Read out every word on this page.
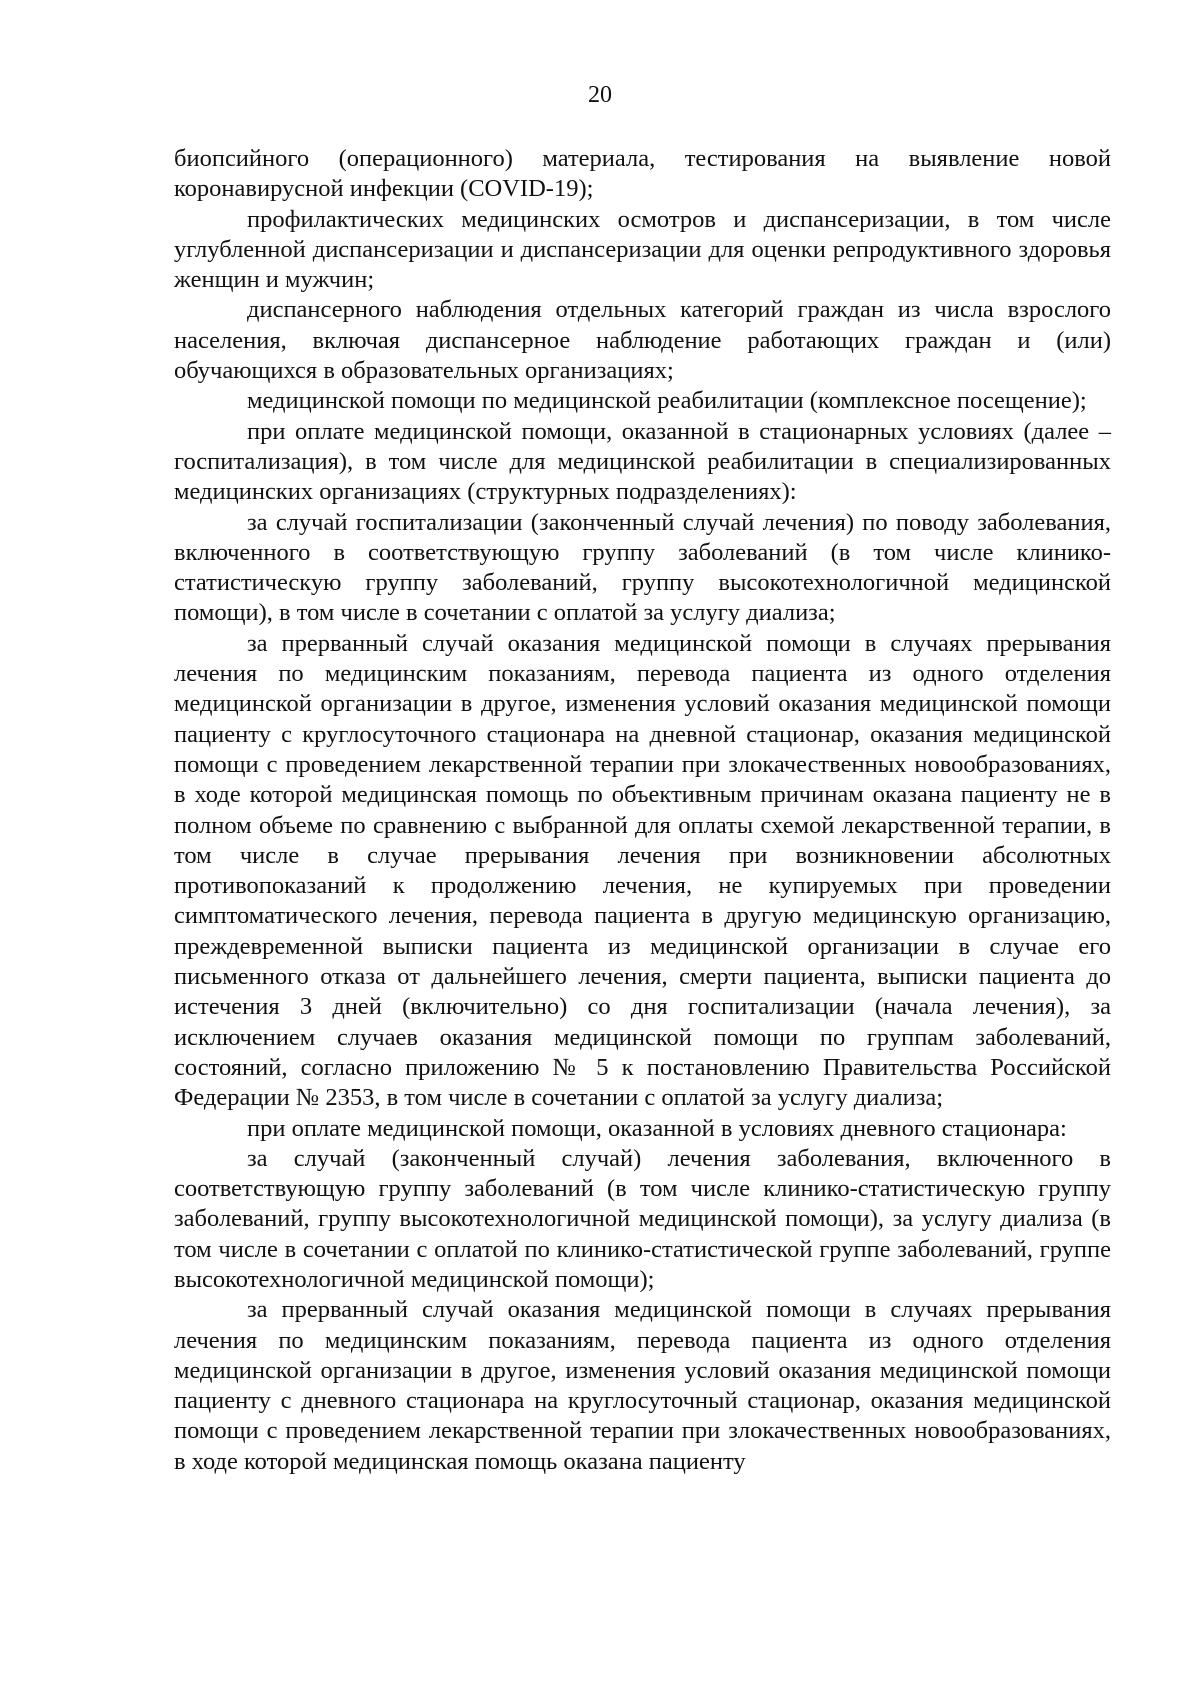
20

биопсийного (операционного) материала, тестирования на выявление новой коронавирусной инфекции (COVID-19);

профилактических медицинских осмотров и диспансеризации, в том числе углубленной диспансеризации и диспансеризации для оценки репродуктивного здоровья женщин и мужчин;

диспансерного наблюдения отдельных категорий граждан из числа взрослого населения, включая диспансерное наблюдение работающих граждан и (или) обучающихся в образовательных организациях;

медицинской помощи по медицинской реабилитации (комплексное посещение);

при оплате медицинской помощи, оказанной в стационарных условиях (далее – госпитализация), в том числе для медицинской реабилитации в специализированных медицинских организациях (структурных подразделениях):

за случай госпитализации (законченный случай лечения) по поводу заболевания, включенного в соответствующую группу заболеваний (в том числе клинико-статистическую группу заболеваний, группу высокотехнологичной медицинской помощи), в том числе в сочетании с оплатой за услугу диализа;

за прерванный случай оказания медицинской помощи в случаях прерывания лечения по медицинским показаниям, перевода пациента из одного отделения медицинской организации в другое, изменения условий оказания медицинской помощи пациенту с круглосуточного стационара на дневной стационар, оказания медицинской помощи с проведением лекарственной терапии при злокачественных новообразованиях, в ходе которой медицинская помощь по объективным причинам оказана пациенту не в полном объеме по сравнению с выбранной для оплаты схемой лекарственной терапии, в том числе в случае прерывания лечения при возникновении абсолютных противопоказаний к продолжению лечения, не купируемых при проведении симптоматического лечения, перевода пациента в другую медицинскую организацию, преждевременной выписки пациента из медицинской организации в случае его письменного отказа от дальнейшего лечения, смерти пациента, выписки пациента до истечения 3 дней (включительно) со дня госпитализации (начала лечения), за исключением случаев оказания медицинской помощи по группам заболеваний, состояний, согласно приложению № 5 к постановлению Правительства Российской Федерации № 2353, в том числе в сочетании с оплатой за услугу диализа;

при оплате медицинской помощи, оказанной в условиях дневного стационара:

за случай (законченный случай) лечения заболевания, включенного в соответствующую группу заболеваний (в том числе клинико-статистическую группу заболеваний, группу высокотехнологичной медицинской помощи), за услугу диализа (в том числе в сочетании с оплатой по клинико-статистической группе заболеваний, группе высокотехнологичной медицинской помощи);

за прерванный случай оказания медицинской помощи в случаях прерывания лечения по медицинским показаниям, перевода пациента из одного отделения медицинской организации в другое, изменения условий оказания медицинской помощи пациенту с дневного стационара на круглосуточный стационар, оказания медицинской помощи с проведением лекарственной терапии при злокачественных новообразованиях, в ходе которой медицинская помощь оказана пациенту
